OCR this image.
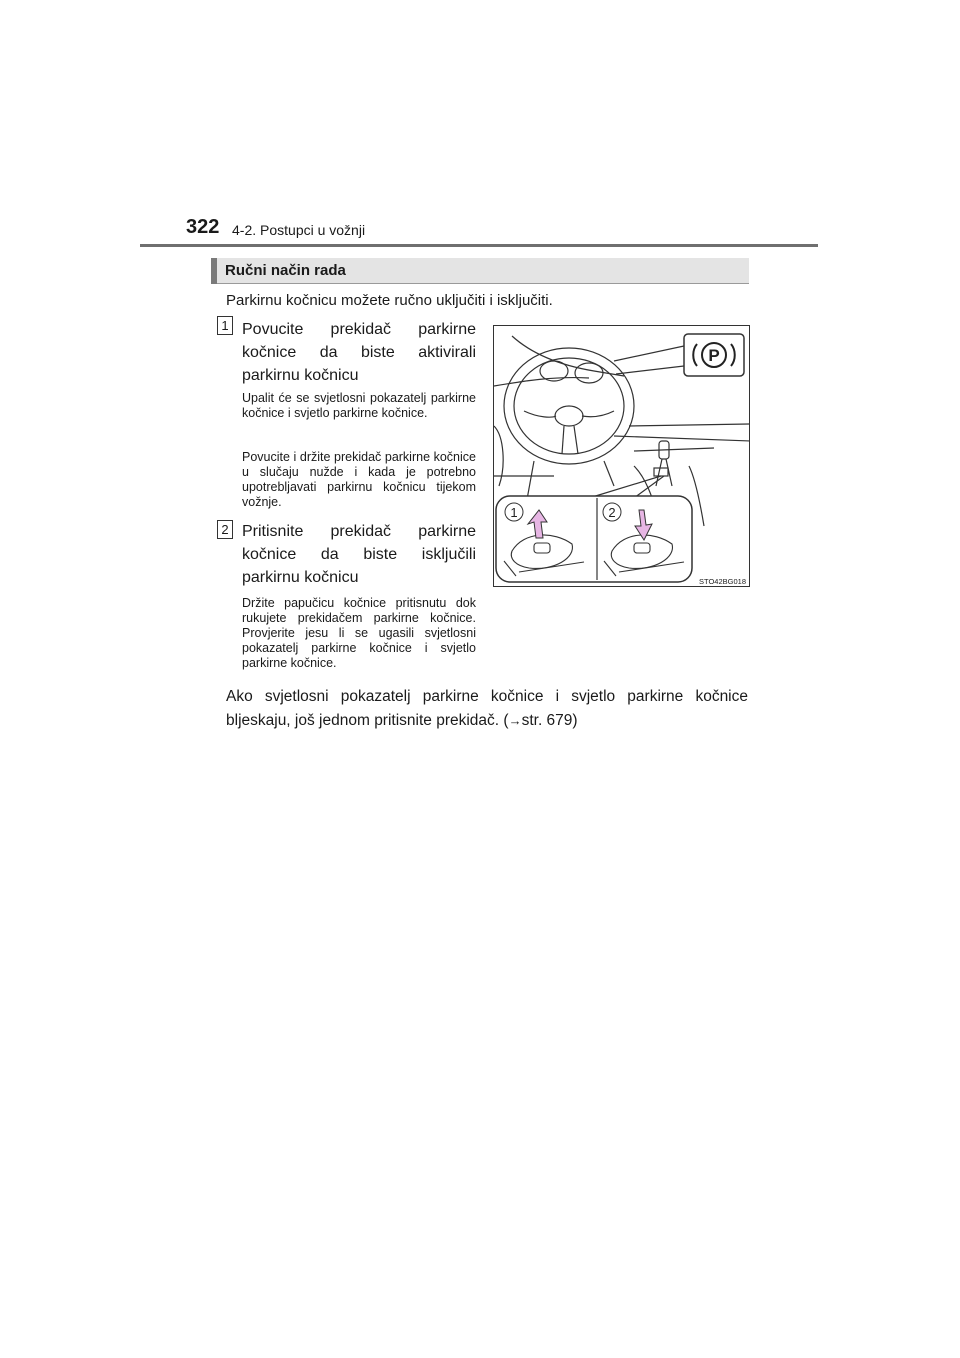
322 4-2. Postupci u vožnji
Ručni način rada
Parkirnu kočnicu možete ručno uključiti i isključiti.
1 Povucite prekidač parkirne kočnice da biste aktivirali parkirnu kočnicu
Upalit će se svjetlosni pokazatelj parkirne kočnice i svjetlo parkirne kočnice.
Povucite i držite prekidač parkirne kočnice u slučaju nužde i kada je potrebno upotrebljavati parkirnu kočnicu tijekom vožnje.
2 Pritisnite prekidač parkirne kočnice da biste isključili parkirnu kočnicu
Držite papučicu kočnice pritisnutu dok rukujete prekidačem parkirne kočnice. Provjerite jesu li se ugasili svjetlosni pokazatelj parkirne kočnice i svjetlo parkirne kočnice.
P
1	2
STO42BG018
Ako svjetlosni pokazatelj parkirne kočnice i svjetlo parkirne kočnice bljeskaju, još jednom pritisnite prekidač. (→str. 679)
